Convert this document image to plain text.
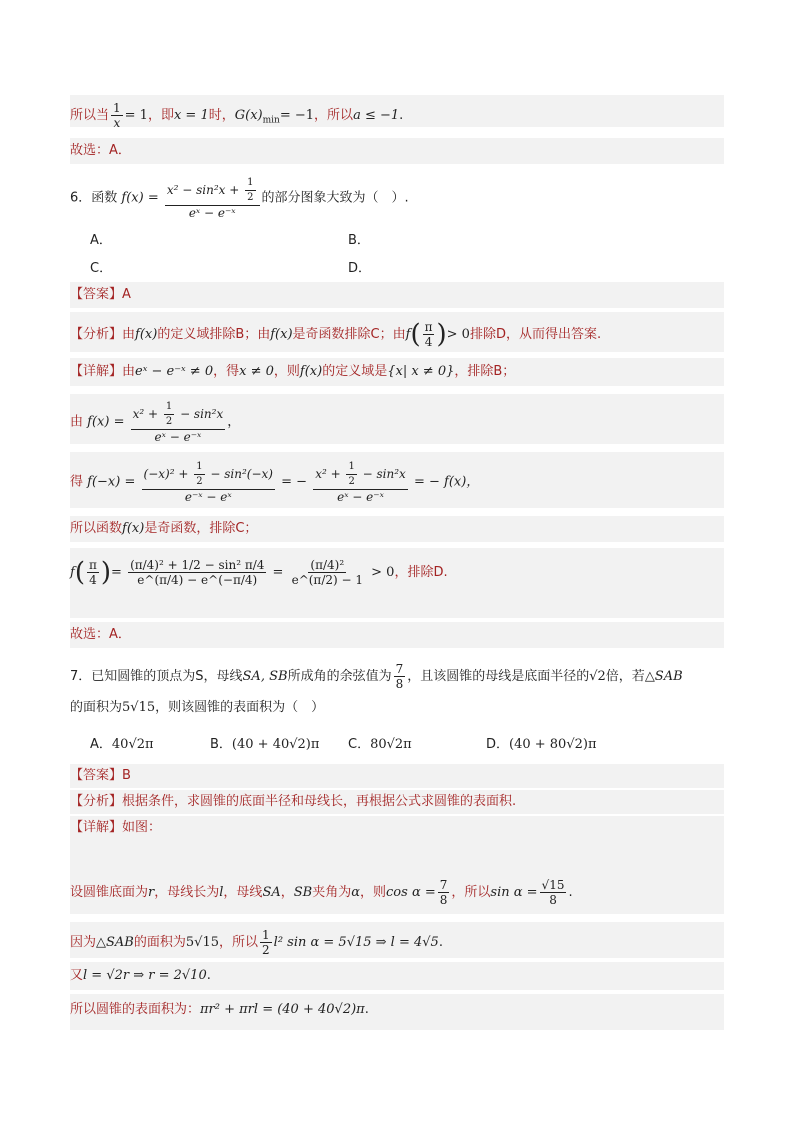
所以当 $\frac{1}{x} = 1$，即x = 1时，$G(x)_{min}= -1$，所以a ≤ −1.
故选：A．
6．函数 $f(x) = \frac{x^2 - \sin^2x + \frac{1}{2}}{\text{eˣ − e⁻ˣ}}$ 的部分图象大致为（　）.
A．	B．
C．	D．
【答案】A
【分析】由f(x)的定义域排除B；由f(x)是奇函数排除C；由$f( \frac{\pi}{4}$ )> 0排除D，从而得出答案.
【详解】由eˣ − e⁻ˣ ≠ 0，得x ≠ 0，则f(x)的定义域是{x| x ≠ 0}，排除B；
由 $f(x) = \frac{x^2 + \frac{1}{2} - \sin^2x}{\text{eˣ − e⁻ˣ}}$ ，
得 $f(-x) = \frac{(-x)^2 + \frac{1}{2} - \sin^2(-x)}{\text{e⁻ˣ − eˣ}}$ = − $\frac{x^2 + \frac{1}{2} - \sin^2x}{\text{eˣ − e⁻ˣ}}$ = − f(x)，
所以函数f(x)是奇函数，排除C；
$f( \frac{\pi}{4}$ )= $\frac{\text{(π/4)² + 1/2 − sin² π/4}}{e\^{}(\pi/4) - e\^{}(-\pi/4)} = \frac{\text{(π/4)²}}{e\^{}(\pi/2) - 1} > 0$，排除D.
故选：A．
7．已知圆锥的顶点为S，母线SA, SB所成角的余弦值为 $\frac{7}{8}$ ，且该圆锥的母线是底面半径的√2倍，若△SAB
的面积为5√15，则该圆锥的表面积为（　）
A．40√2π	B．(40 + 40√2)π C．80√2π	D．(40 + 80√2)π
【答案】B
【分析】根据条件，求圆锥的底面半径和母线长，再根据公式求圆锥的表面积.
【详解】如图：
设圆锥底面为r，母线长为l，母线SA，SB夹角为α，则$\cos \alpha = \frac{7}{8}$ ，所以$\sin \alpha = \frac{√15}{8}$ .
因为△SAB的面积为5√15，所以 $\frac{1}{2} l^2$ sin α = 5√15 ⇒ l = 4√5.
又l = √2r ⇒ r = 2√10.
所以圆锥的表面积为：πr² + πrl = (40 + 40√2)π.
